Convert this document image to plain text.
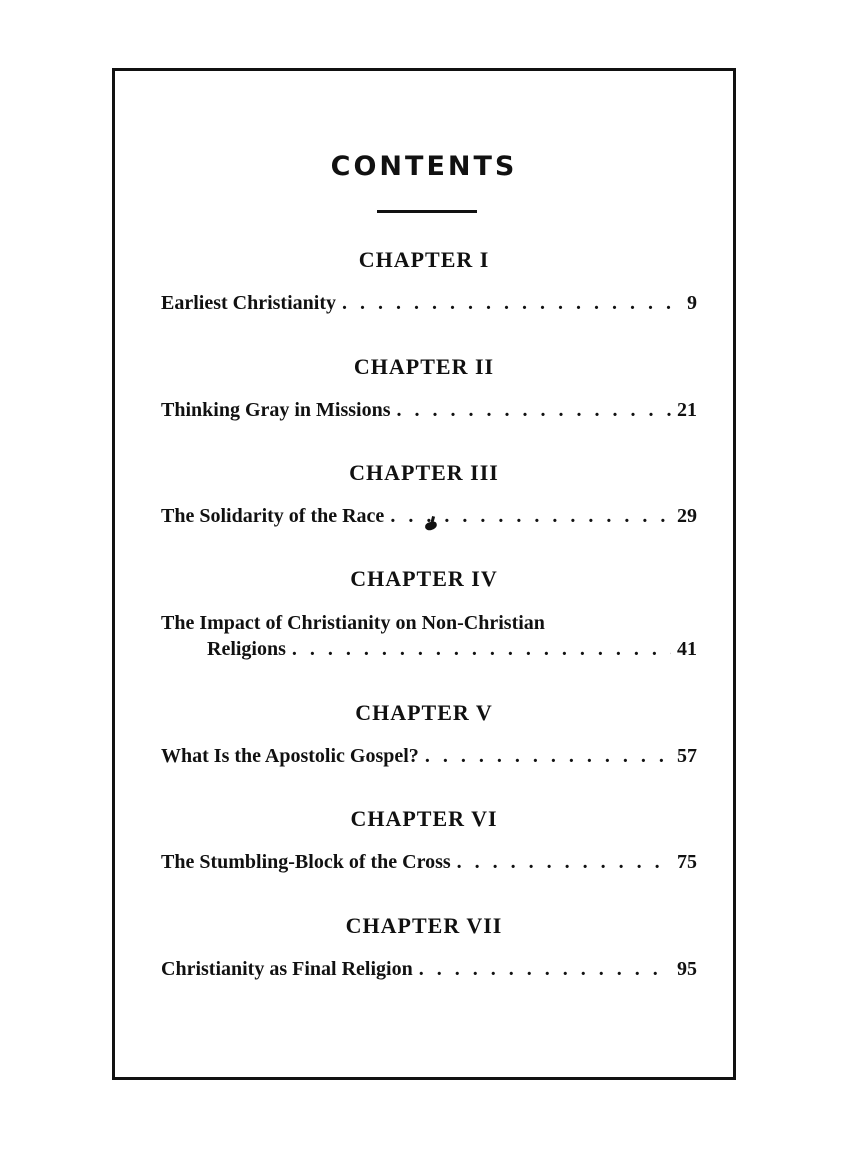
CONTENTS
CHAPTER I
Earliest Christianity . . .	9
CHAPTER II
Thinking Gray in Missions . . .	21
CHAPTER III
The Solidarity of the Race . . .	29
CHAPTER IV
The Impact of Christianity on Non-Christian
Religions . . .	41
CHAPTER V
What Is the Apostolic Gospel? . . .	57
CHAPTER VI
The Stumbling-Block of the Cross . . .	75
CHAPTER VII
Christianity as Final Religion . . .	95
